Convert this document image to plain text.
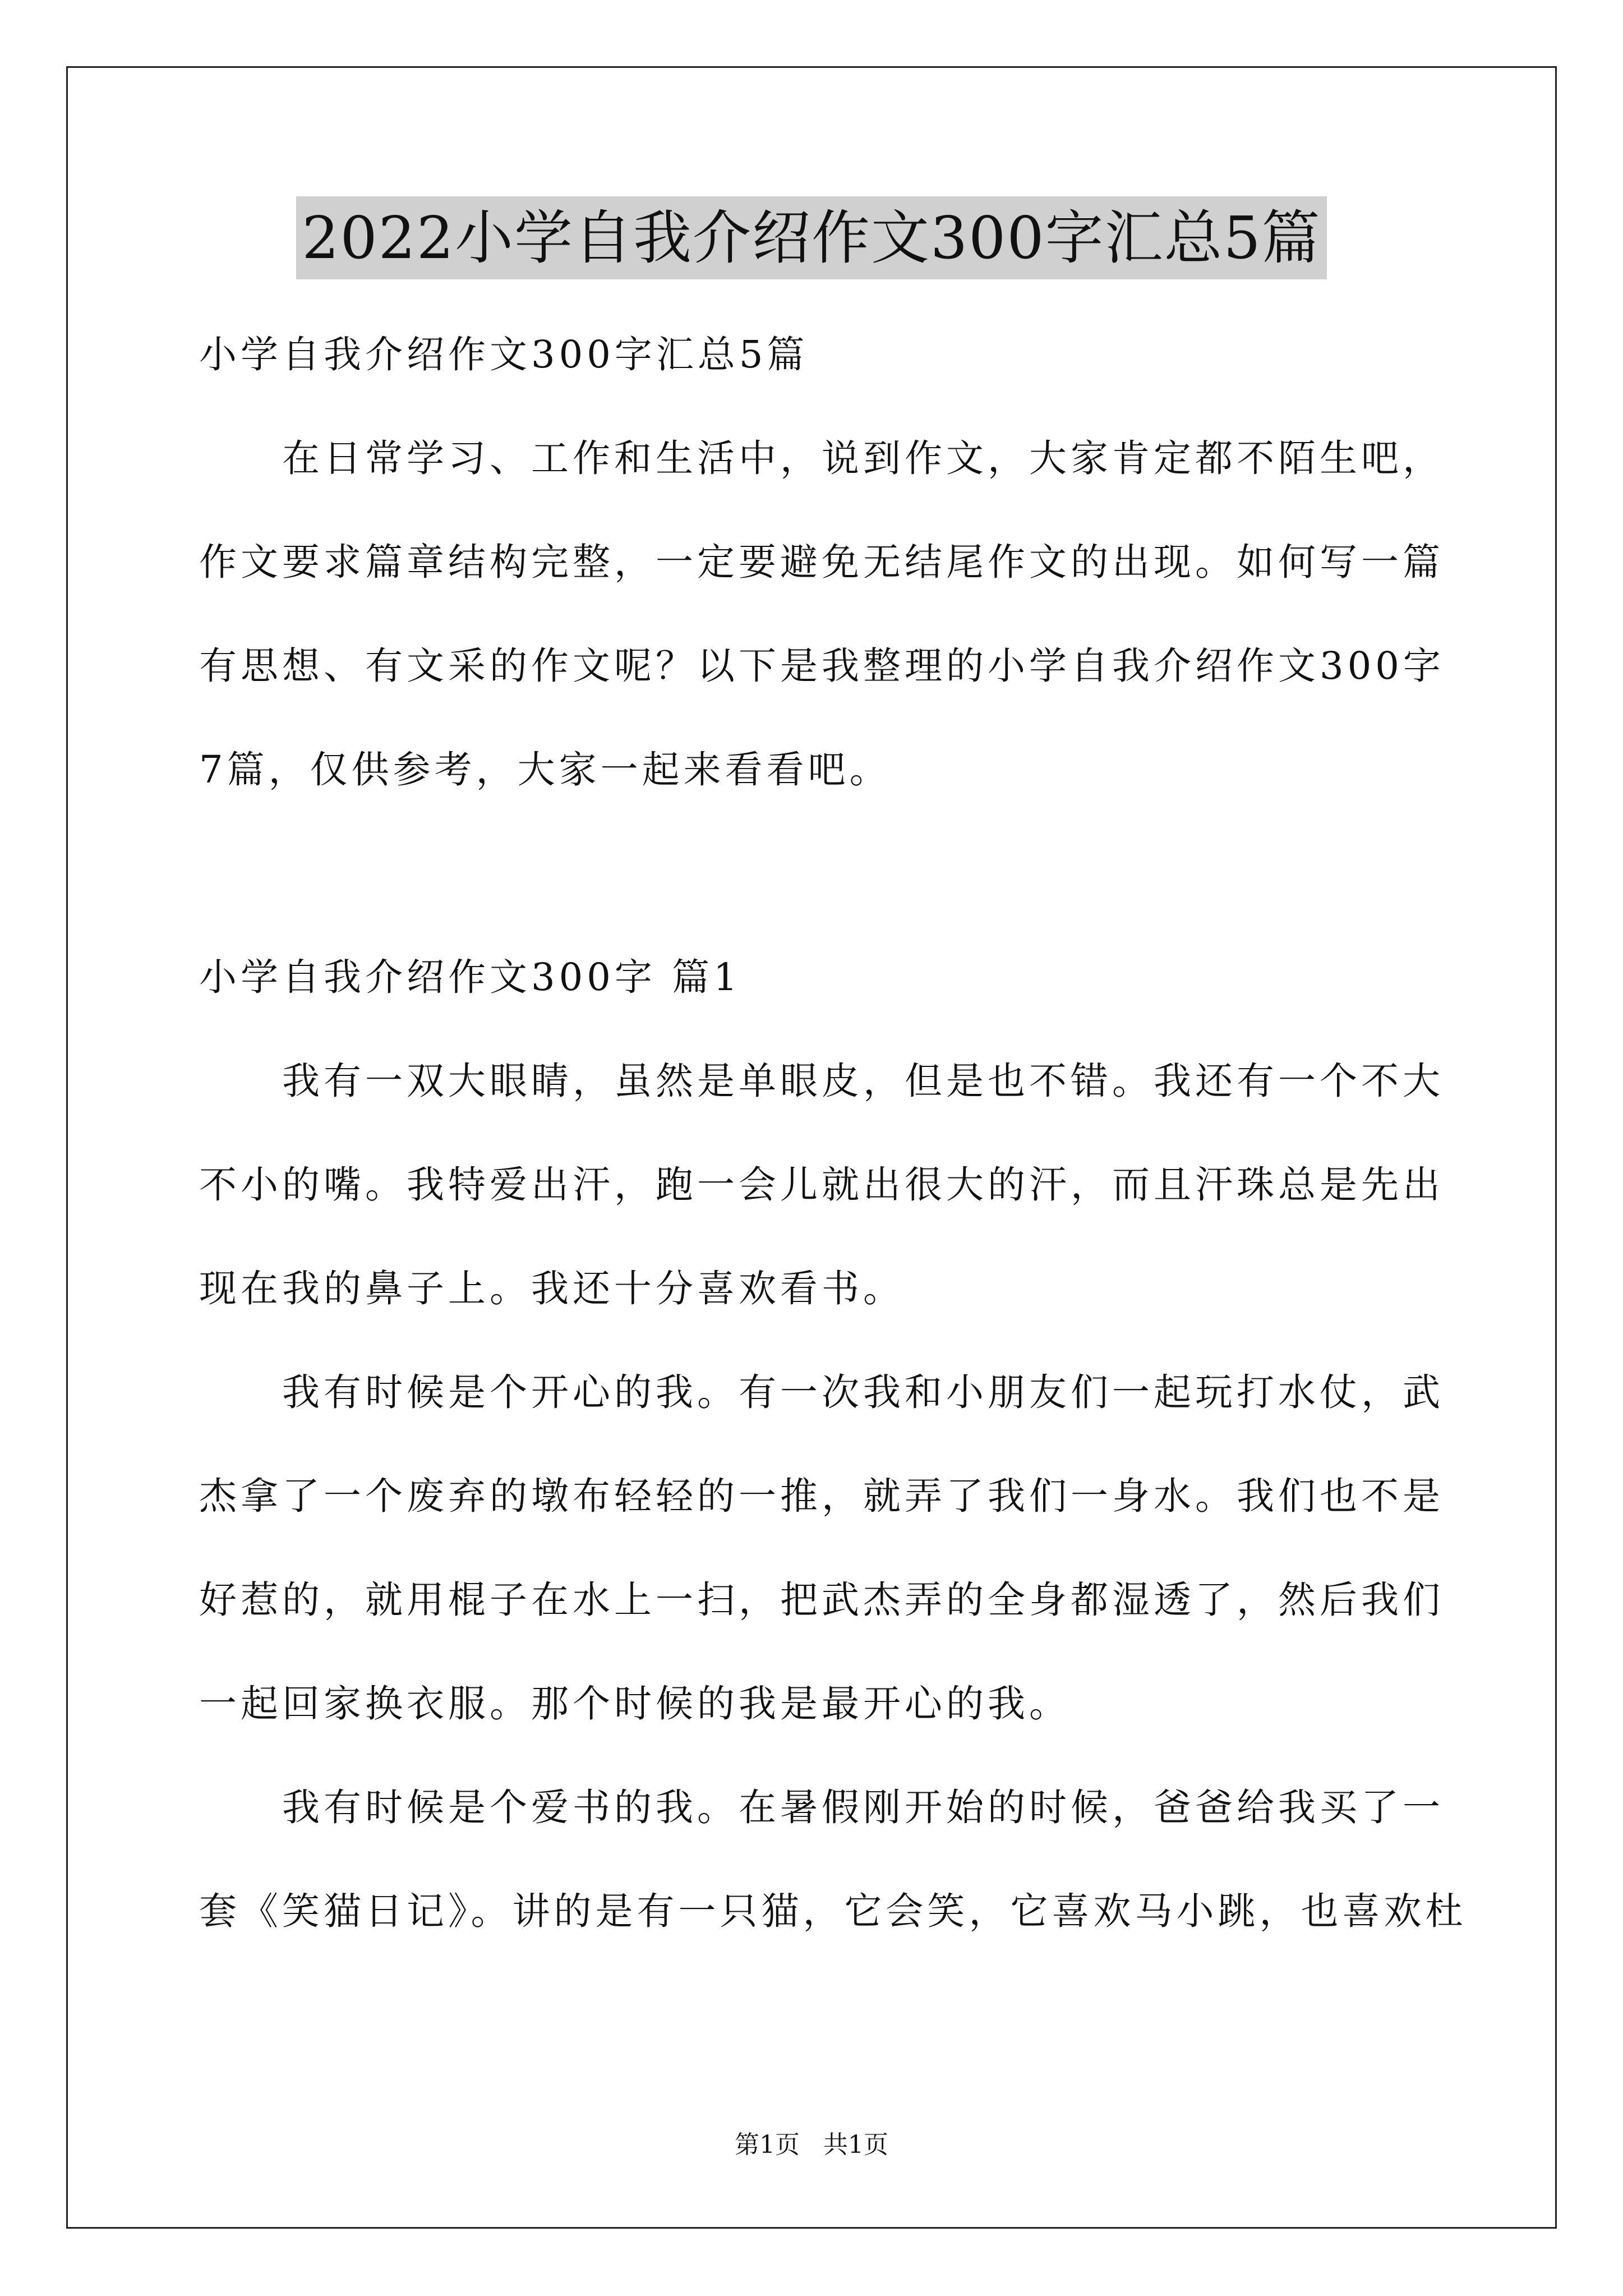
2022小学自我介绍作文300字汇总5篇
小学自我介绍作文300字汇总5篇
在日常学习、工作和生活中，说到作文，大家肯定都不陌生吧，
作文要求篇章结构完整，一定要避免无结尾作文的出现。如何写一篇
有思想、有文采的作文呢？以下是我整理的小学自我介绍作文300字
7篇，仅供参考，大家一起来看看吧。
小学自我介绍作文300字 篇1
我有一双大眼睛，虽然是单眼皮，但是也不错。我还有一个不大
不小的嘴。我特爱出汗，跑一会儿就出很大的汗，而且汗珠总是先出
现在我的鼻子上。我还十分喜欢看书。
我有时候是个开心的我。有一次我和小朋友们一起玩打水仗，武
杰拿了一个废弃的墩布轻轻的一推，就弄了我们一身水。我们也不是
好惹的，就用棍子在水上一扫，把武杰弄的全身都湿透了，然后我们
一起回家换衣服。那个时候的我是最开心的我。
我有时候是个爱书的我。在暑假刚开始的时候，爸爸给我买了一
套《笑猫日记》。讲的是有一只猫，它会笑，它喜欢马小跳，也喜欢杜
第1页   共1页
